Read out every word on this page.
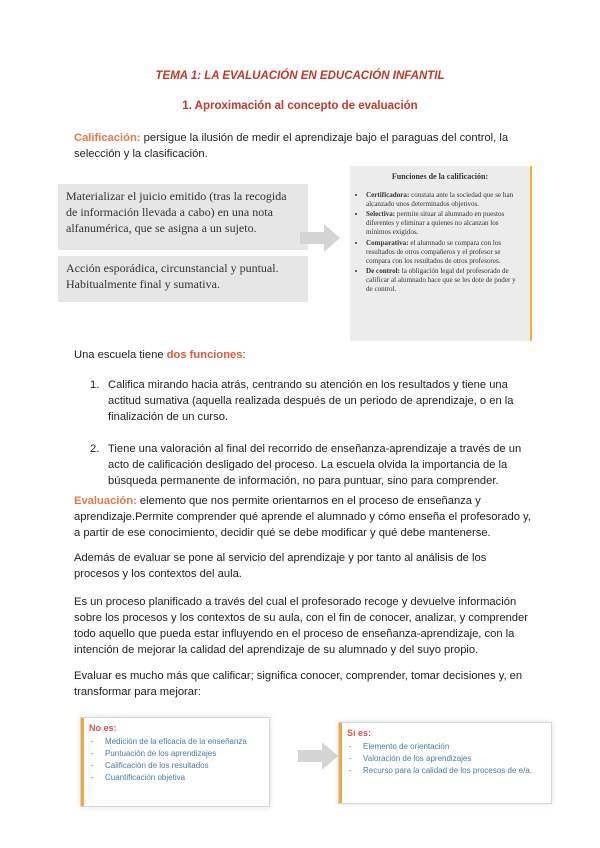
TEMA 1: LA EVALUACIÓN EN EDUCACIÓN INFANTIL
1. Aproximación al concepto de evaluación
Calificación: persigue la ilusión de medir el aprendizaje bajo el paraguas del control, la selección y la clasificación.
Materializar el juicio emitido (tras la recogida de información llevada a cabo) en una nota alfanumérica, que se asigna a un sujeto.
Acción esporádica, circunstancial y puntual. Habitualmente final y sumativa.
Funciones de la calificación:
• Certificadora: constata ante la sociedad que se han alcanzado unos determinados objetivos.
• Selectiva: permite situar al alumnado en puestos diferentes y eliminar a quienes no alcanzan los mínimos exigidos.
• Comparativa: el alumnado se compara con los resultados de otros compañeros y el profesor se compara con los resultados de otros profesores.
• De control: la obligación legal del profesorado de calificar al alumnado hace que se les dote de poder y de control.
Una escuela tiene dos funciones:
1. Califica mirando hacia atrás, centrando su atención en los resultados y tiene una actitud sumativa (aquella realizada después de un periodo de aprendizaje, o en la finalización de un curso.
2. Tiene una valoración al final del recorrido de enseñanza-aprendizaje a través de un acto de calificación desligado del proceso. La escuela olvida la importancia de la búsqueda permanente de información, no para puntuar, sino para comprender.
Evaluación: elemento que nos permite orientarnos en el proceso de enseñanza y aprendizaje.Permite comprender qué aprende el alumnado y cómo enseña el profesorado y, a partir de ese conocimiento, decidir qué se debe modificar y qué debe mantenerse.
Además de evaluar se pone al servicio del aprendizaje y por tanto al análisis de los procesos y los contextos del aula.
Es un proceso planificado a través del cual el profesorado recoge y devuelve información sobre los procesos y los contextos de su aula, con el fin de conocer, analizar, y comprender todo aquello que pueda estar influyendo en el proceso de enseñanza-aprendizaje, con la intención de mejorar la calidad del aprendizaje de su alumnado y del suyo propio.
Evaluar es mucho más que calificar; significa conocer, comprender, tomar decisiones y, en transformar para mejorar:
No es:
- Medición de la eficacia de la enseñanza
- Puntuación de los aprendizajes
- Calificación de los resultados
- Cuantificación objetiva
Sí es:
- Elemento de orientación
- Valoración de los aprendizajes
- Recurso para la calidad de los procesos de e/a.
